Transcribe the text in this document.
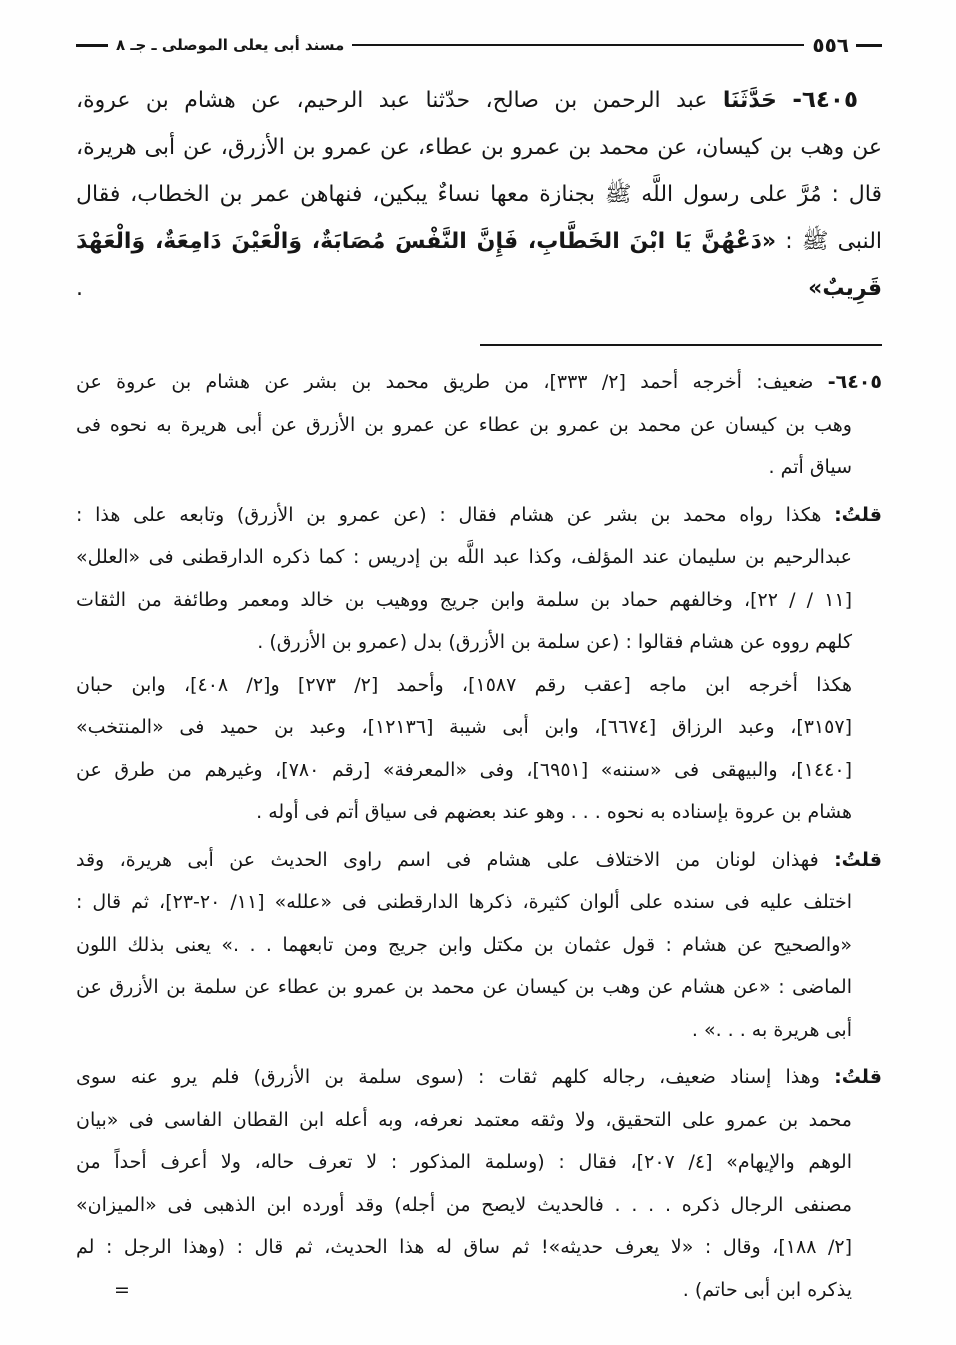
٥٥٦
مسند أبى يعلى الموصلى ـ جـ ٨
٦٤٠٥- حَدَّثَنَا عبد الرحمن بن صالح، حدّثنا عبد الرحيم، عن هشام بن عروة،
عن وهب بن كيسان، عن محمد بن عمرو بن عطاء، عن عمرو بن الأزرق، عن أبى هريرة،
قال : مُرَّ على رسول اللَّه ﷺ بجنازة معها نساءٌ يبكين، فنهاهن عمر بن الخطاب، فقال
النبى ﷺ : «دَعْهُنَّ يَا ابْنَ الخَطَّابِ، فَإِنَّ النَّفْسَ مُصَابَةٌ، وَالْعَيْنَ دَامِعَةٌ، وَالْعَهْدَ قَرِيبٌ» .
٦٤٠٥- ضعيف: أخرجه أحمد [٢/ ٣٣٣]، من طريق محمد بن بشر عن هشام بن عروة عن
وهب بن كيسان عن محمد بن عمرو بن عطاء عن عمرو بن الأزرق عن أبى هريرة به نحوه فى
سياق أتم .
قلتُ: هكذا رواه محمد بن بشر عن هشام فقال : (عن عمرو بن الأزرق) وتابعه على هذا :
عبدالرحيم بن سليمان عند المؤلف، وكذا عبد اللَّه بن إدريس : كما ذكره الدارقطنى فى «العلل»
[١١ / / ٢٢]، وخالفهم حماد بن سلمة وابن جريج ووهيب بن خالد ومعمر وطائفة من الثقات
كلهم رووه عن هشام فقالوا : (عن سلمة بن الأزرق) بدل (عمرو بن الأزرق) .
هكذا أخرجه ابن ماجه [عقب رقم ١٥٨٧]، وأحمد [٢/ ٢٧٣] و[٢/ ٤٠٨]، وابن حبان
[٣١٥٧]، وعبد الرزاق [٦٦٧٤]، وابن أبى شيبة [١٢١٣٦]، وعبد بن حميد فى «المنتخب»
[١٤٤٠]، والبيهقى فى «سننه» [٦٩٥١]، وفى «المعرفة» [رقم ٧٨٠]، وغيرهم من طرق عن
هشام بن عروة بإسناده به نحوه . . . وهو عند بعضهم فى سياق أتم فى أوله .
قلتُ: فهذان لونان من الاختلاف على هشام فى اسم راوى الحديث عن أبى هريرة، وقد
اختلف عليه فى سنده على ألوان كثيرة، ذكرها الدارقطنى فى «علله» [١١/ ٢٠-٢٣]، ثم قال :
«والصحيح عن هشام : قول عثمان بن مكتل وابن جريج ومن تابعهما . . .» يعنى بذلك اللون
الماضى : «عن هشام عن وهب بن كيسان عن محمد بن عمرو بن عطاء عن سلمة بن الأزرق عن
أبى هريرة به . . .» .
قلتُ: وهذا إسناد ضعيف، رجاله كلهم ثقات : (سوى سلمة بن الأزرق) فلم يرو عنه سوى
محمد بن عمرو على التحقيق، ولا وثقه معتمد نعرفه، وبه أعله ابن القطان الفاسى فى «بيان
الوهم والإيهام» [٤/ ٢٠٧]، فقال : (وسلمة المذكور : لا تعرف حاله، ولا أعرف أحداً من
مصنفى الرجال ذكره . . . . فالحديث لايصح من أجله) وقد أورده ابن الذهبى فى «الميزان»
[٢/ ١٨٨]، وقال : «لا يعرف حديثه»! ثم ساق له هذا الحديث، ثم قال : (وهذا الرجل : لم
يذكره ابن أبى حاتم) .
=
